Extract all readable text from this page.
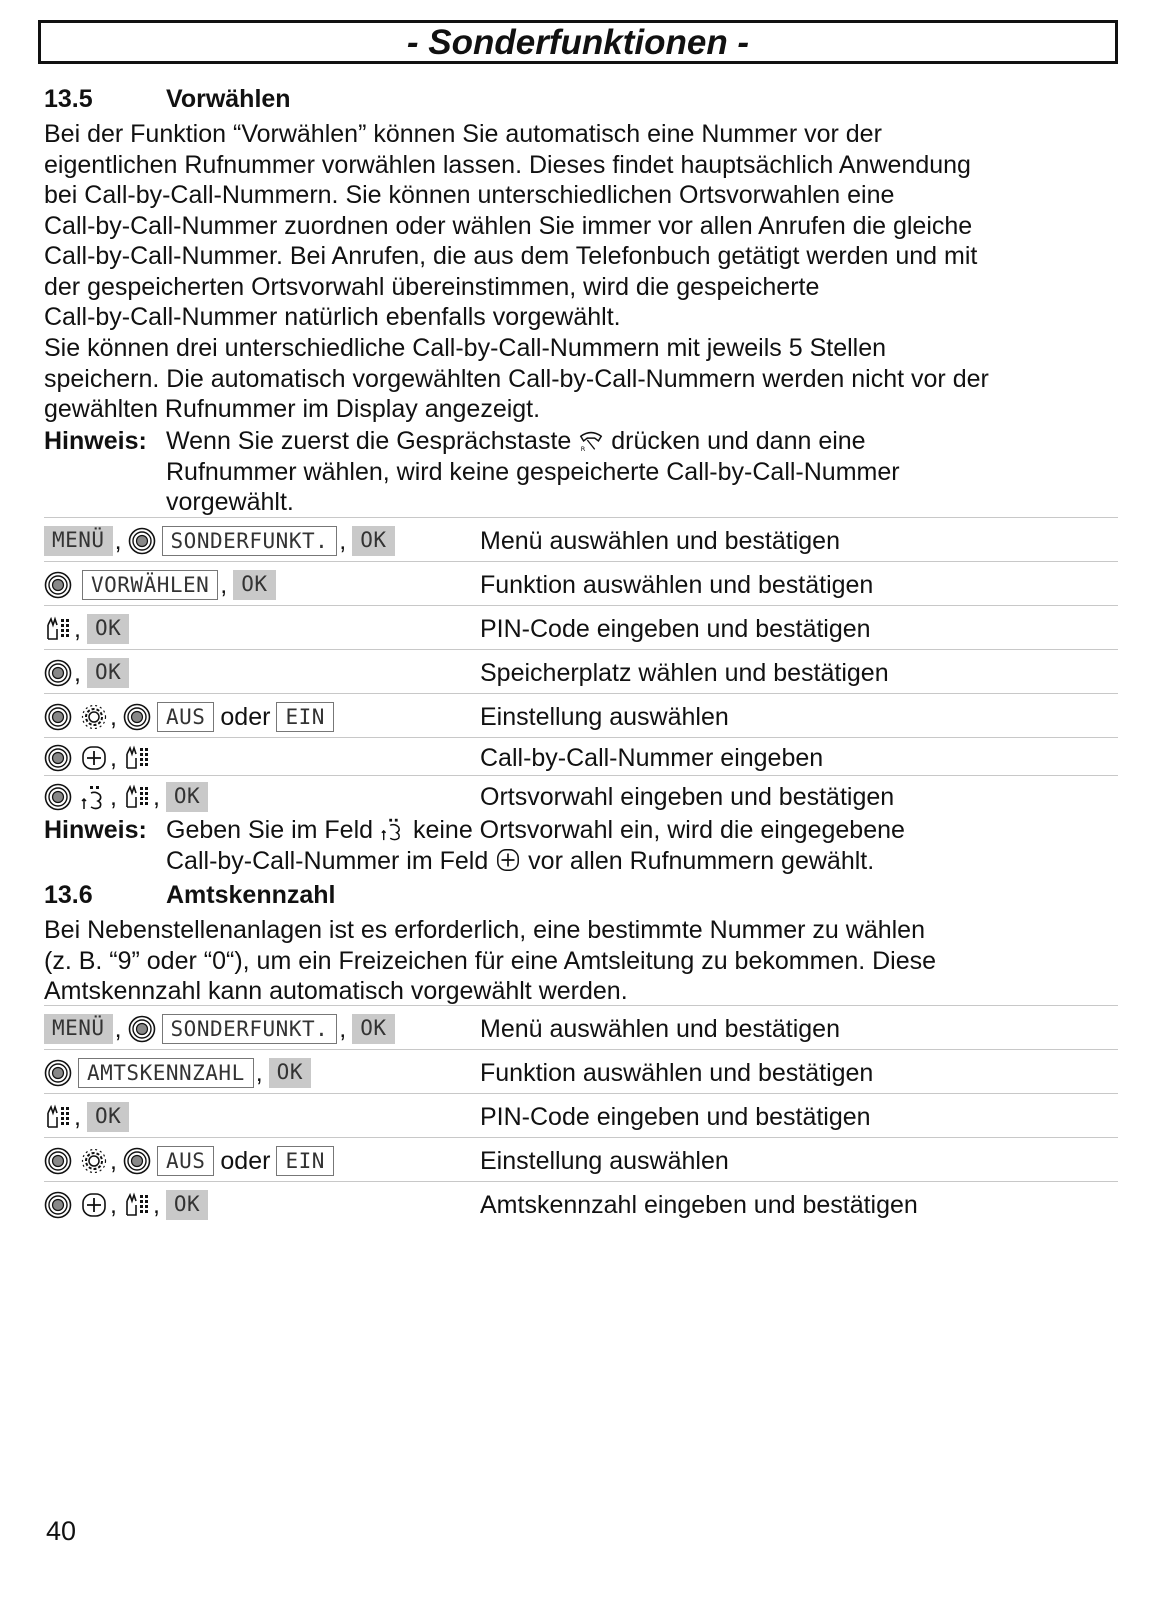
- Sonderfunktionen -
13.5	Vorwählen

Bei der Funktion “Vorwählen” können Sie automatisch eine Nummer vor der

eigentlichen Rufnummer vorwählen lassen. Dieses findet hauptsächlich Anwendung

bei Call-by-Call-Nummern. Sie können unterschiedlichen Ortsvorwahlen eine

Call-by-Call-Nummer zuordnen oder wählen Sie immer vor allen Anrufen die gleiche

Call-by-Call-Nummer. Bei Anrufen, die aus dem Telefonbuch getätigt werden und mit

der gespeicherten Ortsvorwahl übereinstimmen, wird die gespeicherte

Call-by-Call-Nummer natürlich ebenfalls vorgewählt.

Sie können drei unterschiedliche Call-by-Call-Nummern mit jeweils 5 Stellen

speichern. Die automatisch vorgewählten Call-by-Call-Nummern werden nicht vor der

gewählten Rufnummer im Display angezeigt.

Hinweis: Wenn Sie zuerst die Gesprächstaste drücken und dann eine
Rufnummer wählen, wird keine gespeicherte Call-by-Call-Nummer
vorgewählt.
MENÜ ,	SONDERFUNKT. , OK	Menü auswählen und bestätigen
VORWÄHLEN , OK	Funktion auswählen und bestätigen
, OK	PIN-Code eingeben und bestätigen
, OK	Speicherplatz wählen und bestätigen
,	AUS oder EIN	Einstellung auswählen
,	Call-by-Call-Nummer eingeben
, , OK	Ortsvorwahl eingeben und bestätigen
Hinweis: Geben Sie im Feld keine Ortsvorwahl ein, wird die eingegebene
Call-by-Call-Nummer im Feld vor allen Rufnummern gewählt.
13.6	Amtskennzahl

Bei Nebenstellenanlagen ist es erforderlich, eine bestimmte Nummer zu wählen

(z. B. “9” oder “0“), um ein Freizeichen für eine Amtsleitung zu bekommen. Diese

Amtskennzahl kann automatisch vorgewählt werden.

MENÜ ,	SONDERFUNKT. , OK	Menü auswählen und bestätigen
AMTSKENNZAHL , OK	Funktion auswählen und bestätigen
, OK	PIN-Code eingeben und bestätigen
,	AUS oder EIN	Einstellung auswählen
, , OK	Amtskennzahl eingeben und bestätigen
40
